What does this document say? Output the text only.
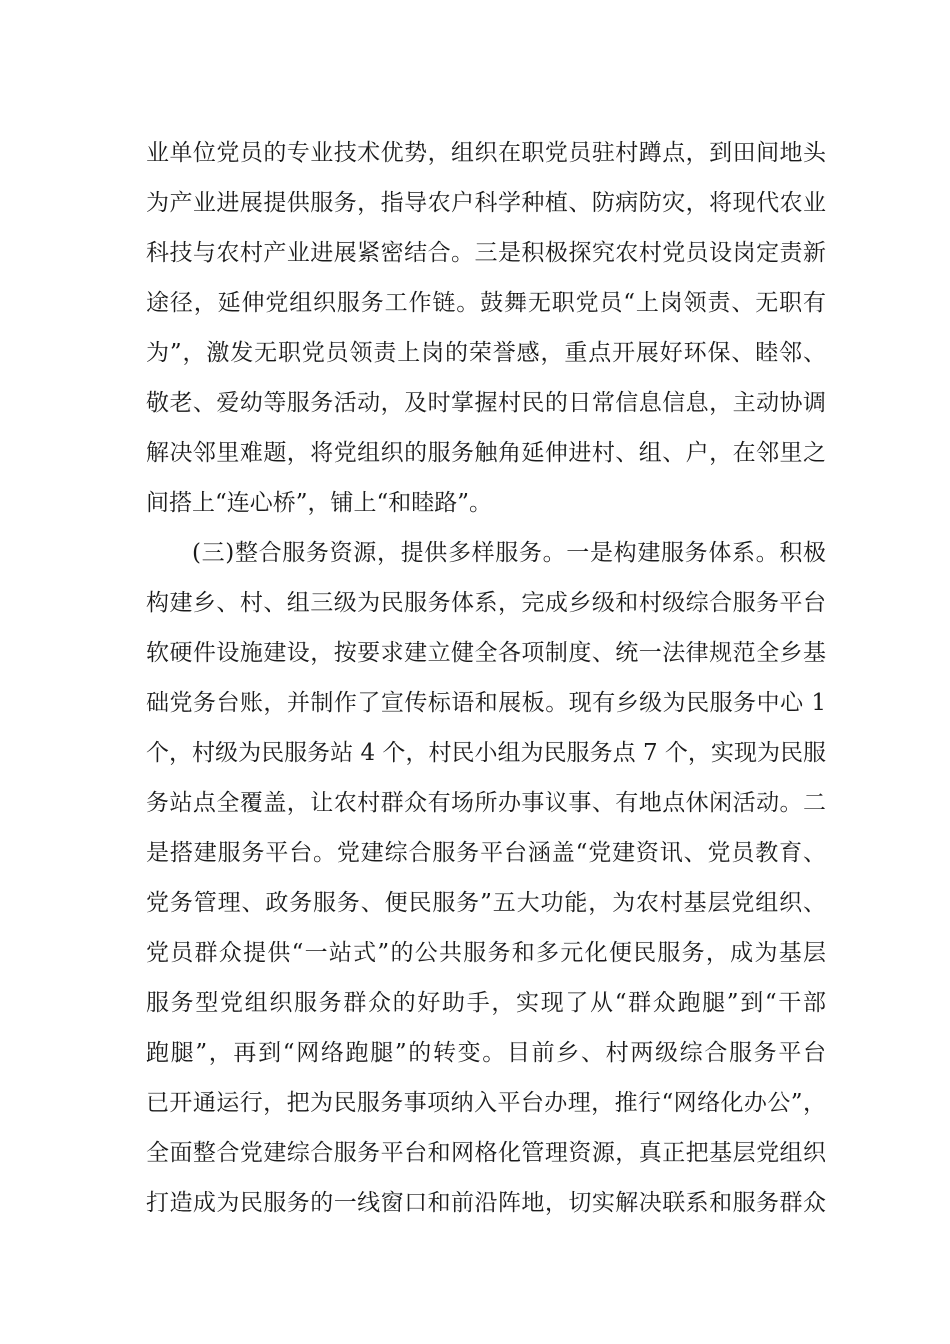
业单位党员的专业技术优势，组织在职党员驻村蹲点，到田间地头
为产业进展提供服务，指导农户科学种植、防病防灾，将现代农业
科技与农村产业进展紧密结合。三是积极探究农村党员设岗定责新
途径，延伸党组织服务工作链。鼓舞无职党员“上岗领责、无职有
为”，激发无职党员领责上岗的荣誉感，重点开展好环保、睦邻、
敬老、爱幼等服务活动，及时掌握村民的日常信息信息，主动协调
解决邻里难题，将党组织的服务触角延伸进村、组、户，在邻里之
间搭上“连心桥”，铺上“和睦路”。
(三)整合服务资源，提供多样服务。一是构建服务体系。积极
构建乡、村、组三级为民服务体系，完成乡级和村级综合服务平台
软硬件设施建设，按要求建立健全各项制度、统一法律规范全乡基
础党务台账，并制作了宣传标语和展板。现有乡级为民服务中心 1
个，村级为民服务站 4 个，村民小组为民服务点 7 个，实现为民服
务站点全覆盖，让农村群众有场所办事议事、有地点休闲活动。二
是搭建服务平台。党建综合服务平台涵盖“党建资讯、党员教育、
党务管理、政务服务、便民服务”五大功能，为农村基层党组织、
党员群众提供“一站式”的公共服务和多元化便民服务，成为基层
服务型党组织服务群众的好助手，实现了从“群众跑腿”到“干部
跑腿”，再到“网络跑腿”的转变。目前乡、村两级综合服务平台
已开通运行，把为民服务事项纳入平台办理，推行“网络化办公”，
全面整合党建综合服务平台和网格化管理资源，真正把基层党组织
打造成为民服务的一线窗口和前沿阵地，切实解决联系和服务群众
